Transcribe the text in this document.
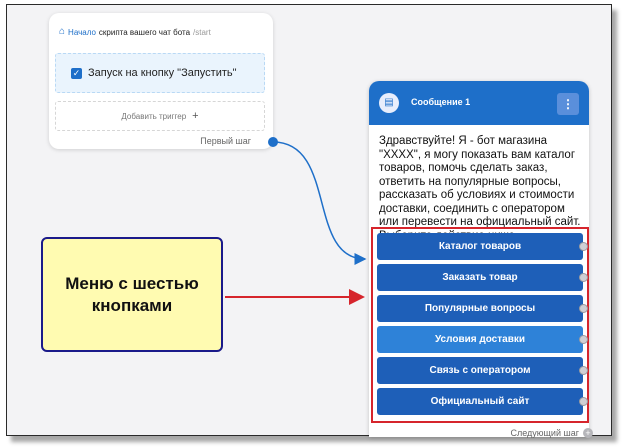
⌂ Начало скрипта вашего чат бота /start
✓ Запуск на кнопку "Запустить"
Добавить триггер +
Первый шаг
▤	Сообщение 1	⋮
Здравствуйте! Я - бот магазина "ХХХХ", я могу показать вам каталог товаров, помочь сделать заказ, ответить на популярные вопросы, рассказать об условиях и стоимости доставки, соединить с оператором или перевести на официальный сайт.
Каталог товаров
Заказать товар
Популярные вопросы
Условия доставки
Связь с оператором
Официальный сайт
Следующий шаг +
Меню с шестью
кнопками
